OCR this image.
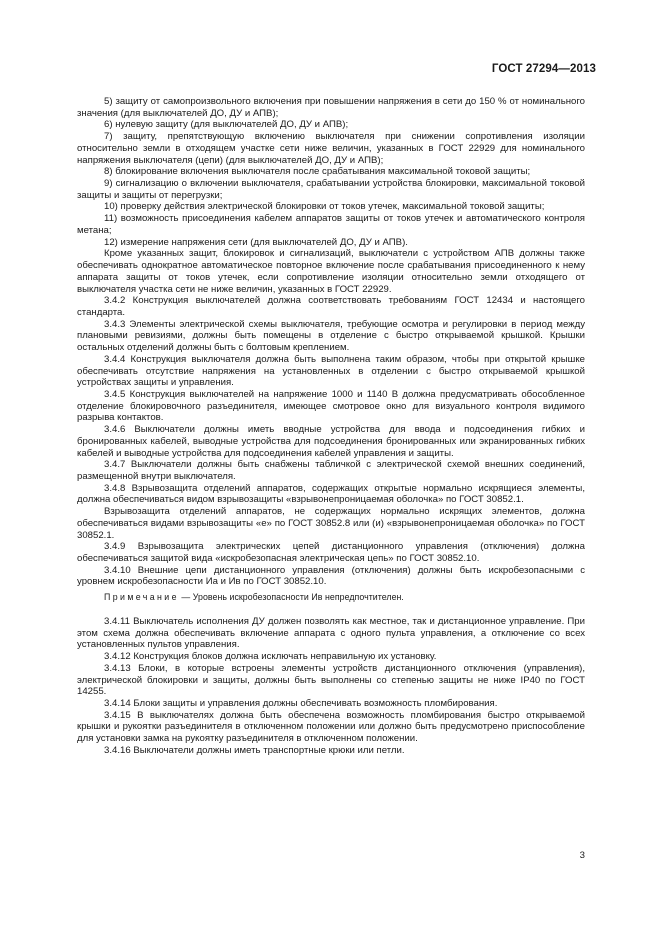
ГОСТ 27294—2013

5) защиту от самопроизвольного включения при повышении напряжения в сети до 150 % от номинального значения (для выключателей ДО, ДУ и АПВ);

6) нулевую защиту (для выключателей ДО, ДУ и АПВ);

7) защиту, препятствующую включению выключателя при снижении сопротивления изоляции относительно земли в отходящем участке сети ниже величин, указанных в ГОСТ 22929 для номинального напряжения выключателя (цепи) (для выключателей ДО, ДУ и АПВ);

8) блокирование включения выключателя после срабатывания максимальной токовой защиты;

9) сигнализацию о включении выключателя, срабатывании устройства блокировки, максимальной токовой защиты и защиты от перегрузки;

10) проверку действия электрической блокировки от токов утечек, максимальной токовой защиты;

11) возможность присоединения кабелем аппаратов защиты от токов утечек и автоматического контроля метана;

12) измерение напряжения сети (для выключателей ДО, ДУ и АПВ).

Кроме указанных защит, блокировок и сигнализаций, выключатели с устройством АПВ должны также обеспечивать однократное автоматическое повторное включение после срабатывания присоединенного к нему аппарата защиты от токов утечек, если сопротивление изоляции относительно земли отходящего от выключателя участка сети не ниже величин, указанных в ГОСТ 22929.

3.4.2 Конструкция выключателей должна соответствовать требованиям ГОСТ 12434 и настоящего стандарта.

3.4.3 Элементы электрической схемы выключателя, требующие осмотра и регулировки в период между плановыми ревизиями, должны быть помещены в отделение с быстро открываемой крышкой. Крышки остальных отделений должны быть с болтовым креплением.

3.4.4 Конструкция выключателя должна быть выполнена таким образом, чтобы при открытой крышке обеспечивать отсутствие напряжения на установленных в отделении с быстро открываемой крышкой устройствах защиты и управления.

3.4.5 Конструкция выключателей на напряжение 1000 и 1140 В должна предусматривать обособленное отделение блокировочного разъединителя, имеющее смотровое окно для визуального контроля видимого разрыва контактов.

3.4.6 Выключатели должны иметь вводные устройства для ввода и подсоединения гибких и бронированных кабелей, выводные устройства для подсоединения бронированных или экранированных гибких кабелей и выводные устройства для подсоединения кабелей управления и защиты.

3.4.7 Выключатели должны быть снабжены табличкой с электрической схемой внешних соединений, размещенной внутри выключателя.

3.4.8 Взрывозащита отделений аппаратов, содержащих открытые нормально искрящиеся элементы, должна обеспечиваться видом взрывозащиты «взрывонепроницаемая оболочка» по ГОСТ 30852.1.

Взрывозащита отделений аппаратов, не содержащих нормально искрящих элементов, должна обеспечиваться видами взрывозащиты «е» по ГОСТ 30852.8 или (и) «взрывонепроницаемая оболочка» по ГОСТ 30852.1.

3.4.9 Взрывозащита электрических цепей дистанционного управления (отключения) должна обеспечиваться защитой вида «искробезопасная электрическая цепь» по ГОСТ 30852.10.

3.4.10 Внешние цепи дистанционного управления (отключения) должны быть искробезопасными с уровнем искробезопасности Иа и Ив по ГОСТ 30852.10.

Примечание — Уровень искробезопасности Ив непредпочтителен.

3.4.11 Выключатель исполнения ДУ должен позволять как местное, так и дистанционное управление. При этом схема должна обеспечивать включение аппарата с одного пульта управления, а отключение со всех установленных пультов управления.

3.4.12 Конструкция блоков должна исключать неправильную их установку.

3.4.13 Блоки, в которые встроены элементы устройств дистанционного отключения (управления), электрической блокировки и защиты, должны быть выполнены со степенью защиты не ниже IP40 по ГОСТ 14255.

3.4.14 Блоки защиты и управления должны обеспечивать возможность пломбирования.

3.4.15 В выключателях должна быть обеспечена возможность пломбирования быстро открываемой крышки и рукоятки разъединителя в отключенном положении или должно быть предусмотрено приспособление для установки замка на рукоятку разъединителя в отключенном положении.

3.4.16 Выключатели должны иметь транспортные крюки или петли.

3
